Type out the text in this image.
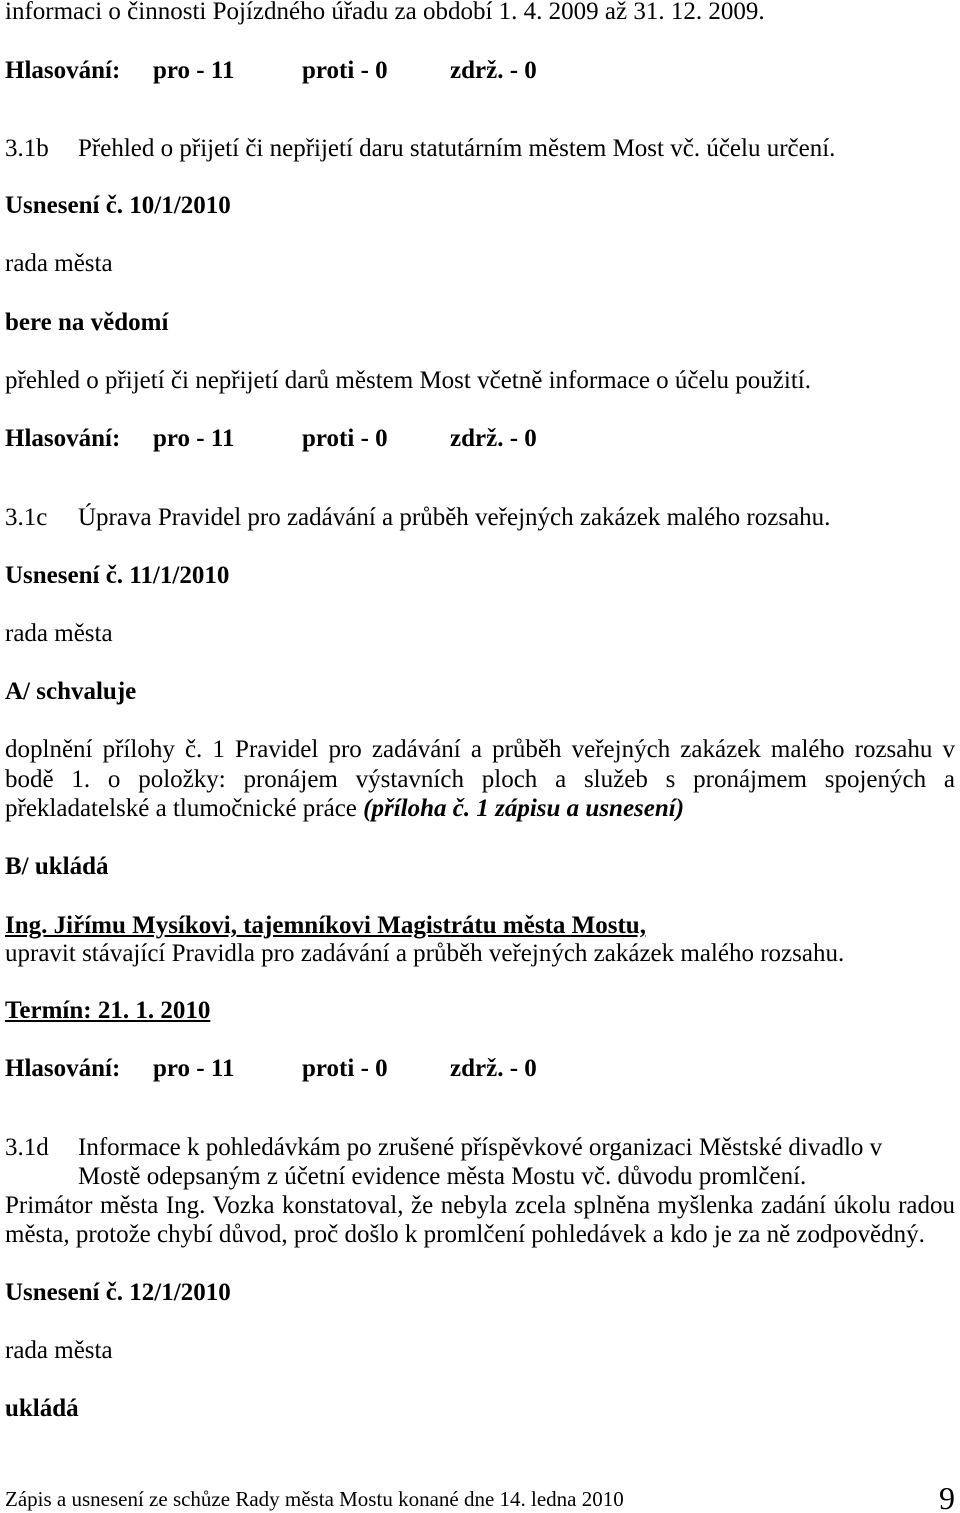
informaci o činnosti Pojízdného úřadu za období 1. 4. 2009 až 31. 12. 2009.
Hlasování: pro - 11	proti - 0 zdrž. - 0
3.1b Přehled o přijetí či nepřijetí daru statutárním městem Most vč. účelu určení.
Usnesení č. 10/1/2010
rada města
bere na vědomí
přehled o přijetí či nepřijetí darů městem Most včetně informace o účelu použití.
Hlasování: pro - 11	proti - 0 zdrž. - 0
3.1c Úprava Pravidel pro zadávání a průběh veřejných zakázek malého rozsahu.
Usnesení č. 11/1/2010
rada města
A/ schvaluje
doplnění přílohy č. 1 Pravidel pro zadávání a průběh veřejných zakázek malého rozsahu v
bodě 1. o položky: pronájem výstavních ploch a služeb s pronájmem spojených a
překladatelské a tlumočnické práce (příloha č. 1 zápisu a usnesení)
B/ ukládá
Ing. Jiřímu Mysíkovi, tajemníkovi Magistrátu města Mostu,
upravit stávající Pravidla pro zadávání a průběh veřejných zakázek malého rozsahu.
Termín: 21. 1. 2010
Hlasování: pro - 11	proti - 0 zdrž. - 0
3.1d Informace k pohledávkám po zrušené příspěvkové organizaci Městské divadlo v
Mostě odepsaným z účetní evidence města Mostu vč. důvodu promlčení.
Primátor města Ing. Vozka konstatoval, že nebyla zcela splněna myšlenka zadání úkolu radou
města, protože chybí důvod, proč došlo k promlčení pohledávek a kdo je za ně zodpovědný.
Usnesení č. 12/1/2010
rada města
ukládá
Zápis a usnesení ze schůze Rady města Mostu konané dne 14. ledna 2010	9
